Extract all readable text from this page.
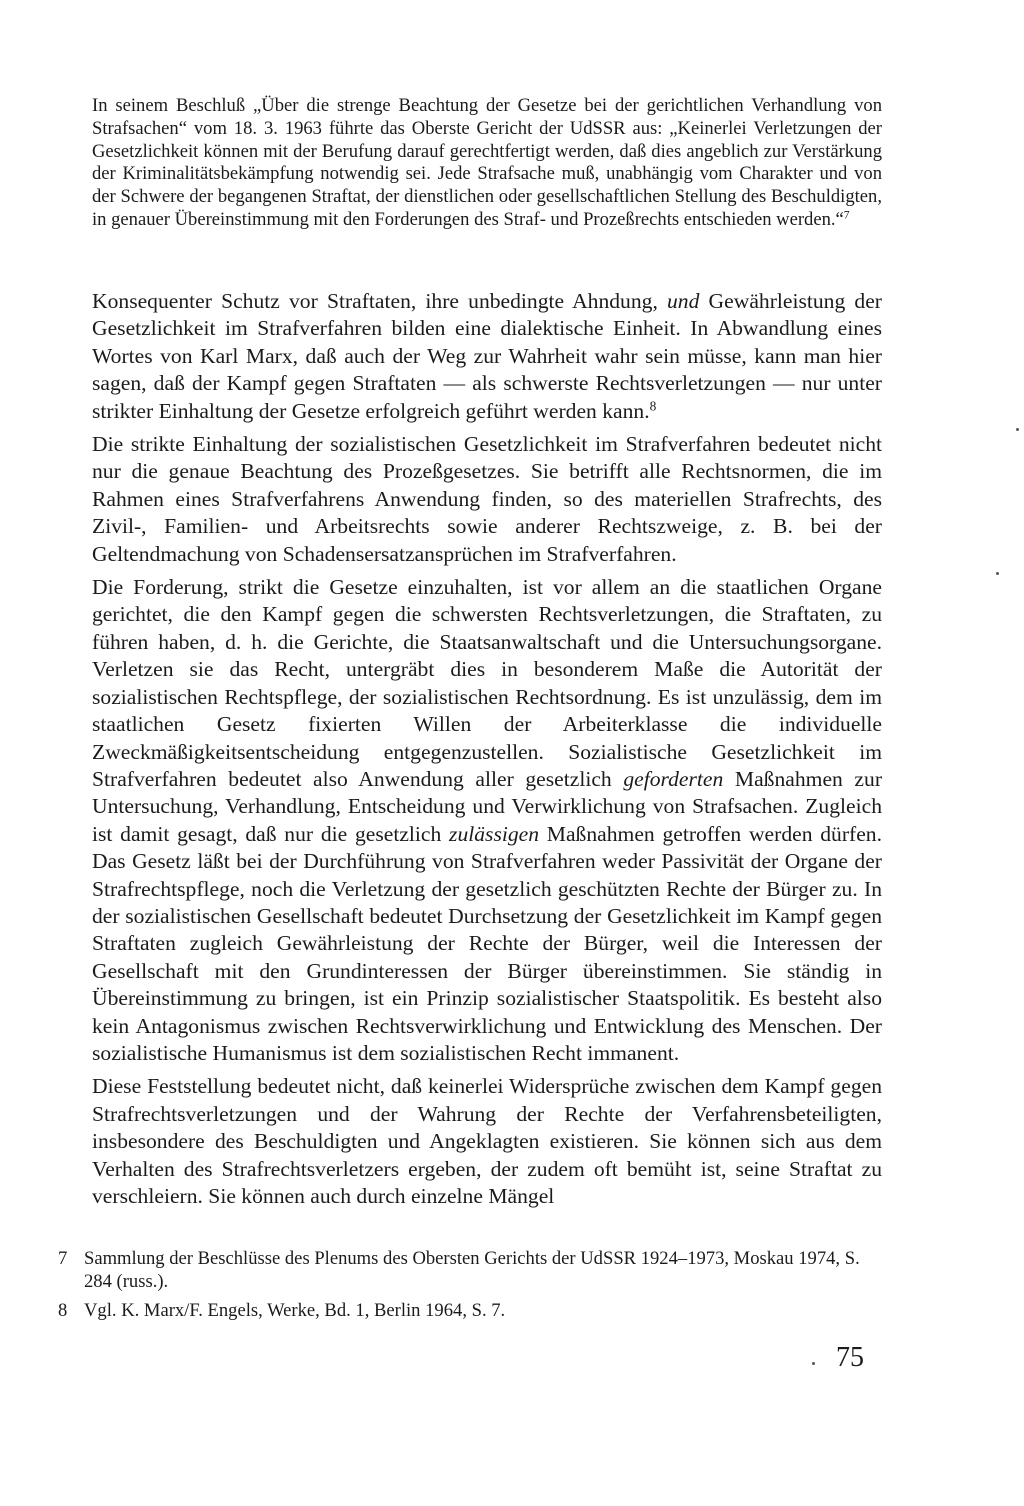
In seinem Beschluß „Über die strenge Beachtung der Gesetze bei der gerichtlichen Verhandlung von Strafsachen“ vom 18. 3. 1963 führte das Oberste Gericht der UdSSR aus: „Keinerlei Verletzungen der Gesetzlichkeit können mit der Berufung darauf gerechtfertigt werden, daß dies angeblich zur Verstärkung der Kriminalitätsbekämpfung notwendig sei. Jede Strafsache muß, unabhängig vom Charakter und von der Schwere der begangenen Straftat, der dienstlichen oder gesellschaftlichen Stellung des Beschuldigten, in genauer Übereinstimmung mit den Forderungen des Straf- und Prozeßrechts entschieden werden.“$^7$

Konsequenter Schutz vor Straftaten, ihre unbedingte Ahndung, und Gewährleistung der Gesetzlichkeit im Strafverfahren bilden eine dialektische Einheit. In Abwandlung eines Wortes von Karl Marx, daß auch der Weg zur Wahrheit wahr sein müsse, kann man hier sagen, daß der Kampf gegen Straftaten — als schwerste Rechtsverletzungen — nur unter strikter Einhaltung der Gesetze erfolgreich geführt werden kann.$^8$

Die strikte Einhaltung der sozialistischen Gesetzlichkeit im Strafverfahren bedeutet nicht nur die genaue Beachtung des Prozeßgesetzes. Sie betrifft alle Rechtsnormen, die im Rahmen eines Strafverfahrens Anwendung finden, so des materiellen Strafrechts, des Zivil-, Familien- und Arbeitsrechts sowie anderer Rechtszweige, z. B. bei der Geltendmachung von Schadensersatzansprüchen im Strafverfahren.

Die Forderung, strikt die Gesetze einzuhalten, ist vor allem an die staatlichen Organe gerichtet, die den Kampf gegen die schwersten Rechtsverletzungen, die Straftaten, zu führen haben, d. h. die Gerichte, die Staatsanwaltschaft und die Untersuchungsorgane. Verletzen sie das Recht, untergräbt dies in besonderem Maße die Autorität der sozialistischen Rechtspflege, der sozialistischen Rechtsordnung. Es ist unzulässig, dem im staatlichen Gesetz fixierten Willen der Arbeiterklasse die individuelle Zweckmäßigkeitsentscheidung entgegenzustellen. Sozialistische Gesetzlichkeit im Strafverfahren bedeutet also Anwendung aller gesetzlich geforderten Maßnahmen zur Untersuchung, Verhandlung, Entscheidung und Verwirklichung von Strafsachen. Zugleich ist damit gesagt, daß nur die gesetzlich zulässigen Maßnahmen getroffen werden dürfen. Das Gesetz läßt bei der Durchführung von Strafverfahren weder Passivität der Organe der Strafrechtspflege, noch die Verletzung der gesetzlich geschützten Rechte der Bürger zu. In der sozialistischen Gesellschaft bedeutet Durchsetzung der Gesetzlichkeit im Kampf gegen Straftaten zugleich Gewährleistung der Rechte der Bürger, weil die Interessen der Gesellschaft mit den Grundinteressen der Bürger übereinstimmen. Sie ständig in Übereinstimmung zu bringen, ist ein Prinzip sozialistischer Staatspolitik. Es besteht also kein Antagonismus zwischen Rechtsverwirklichung und Entwicklung des Menschen. Der sozialistische Humanismus ist dem sozialistischen Recht immanent.

Diese Feststellung bedeutet nicht, daß keinerlei Widersprüche zwischen dem Kampf gegen Strafrechtsverletzungen und der Wahrung der Rechte der Verfahrensbeteiligten, insbesondere des Beschuldigten und Angeklagten existieren. Sie können sich aus dem Verhalten des Strafrechtsverletzers ergeben, der zudem oft bemüht ist, seine Straftat zu verschleiern. Sie können auch durch einzelne Mängel

7 Sammlung der Beschlüsse des Plenums des Obersten Gerichts der UdSSR 1924–1973, Moskau 1974, S. 284 (russ.).
8 Vgl. K. Marx/F. Engels, Werke, Bd. 1, Berlin 1964, S. 7.
75
